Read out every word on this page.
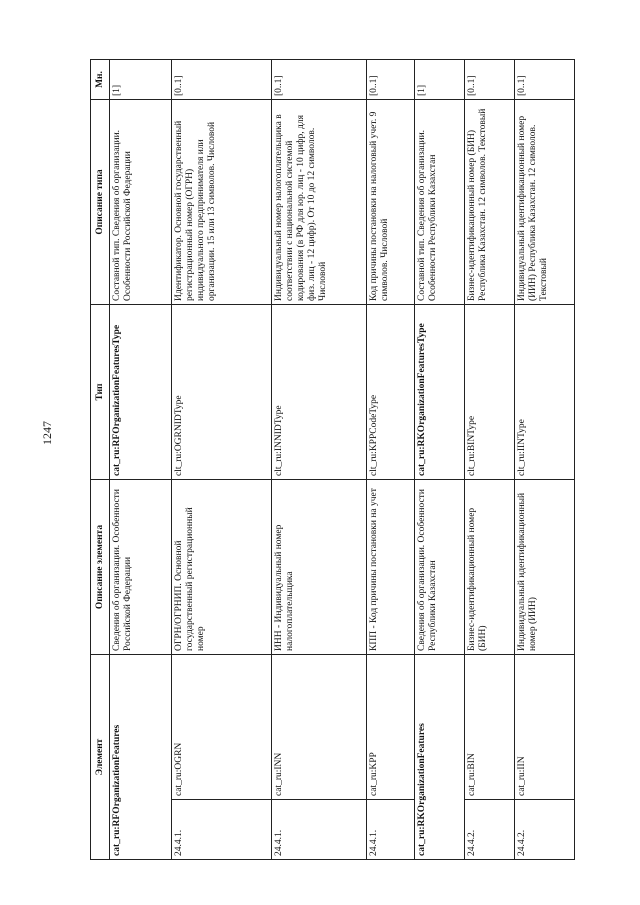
1247
Элемент		Описание элемента	Тип	Описание типа	Мн.
cat_ru:RFOrganizationFeatures		Сведения об организации. Особенности Российской Федерации	cat_ru:RFOrganizationFeaturesType	Составной тип. Сведения об организации. Особенности Российской Федерации	[1]
24.4.1.	cat_ru:OGRN	ОГРН/ОГРНИП. Основной государственный регистрационный номер	clt_ru:OGRNIDType	Идентификатор. Основной государственный регистрационный номер (ОГРН) индивидуального предпринимателя или организации. 15 или 13 символов. Числовой	[0..1]
24.4.1.	cat_ru:INN	ИНН - Индивидуальный номер налогоплательщика	clt_ru:INNIDType	Индивидуальный номер налогоплательщика в соответствии с национальной системой кодирования (в РФ для юр. лиц - 10 цифр, для физ. лиц - 12 цифр). От 10 до 12 символов. Числовой	[0..1]
24.4.1.	cat_ru:KPP	КПП - Код причины постановки на учет	clt_ru:KPPCodeType	Код причины постановки на налоговый учет. 9 символов. Числовой	[0..1]
cat_ru:RKOrganizationFeatures		Сведения об организации. Особенности Республики Казахстан	cat_ru:RKOrganizationFeaturesType	Составной тип. Сведения об организации. Особенности Республики Казахстан	[1]
24.4.2.	cat_ru:BIN	Бизнес-идентификационный номер (БИН)	clt_ru:BINType	Бизнес-идентификационный номер (БИН) Республика Казахстан. 12 символов. Текстовый	[0..1]
24.4.2.	cat_ru:IIN	Индивидуальный идентификационный номер (ИИН)	clt_ru:IINType	Индивидуальный идентификационный номер (ИИН) Республика Казахстан. 12 символов. Текстовый	[0..1]
